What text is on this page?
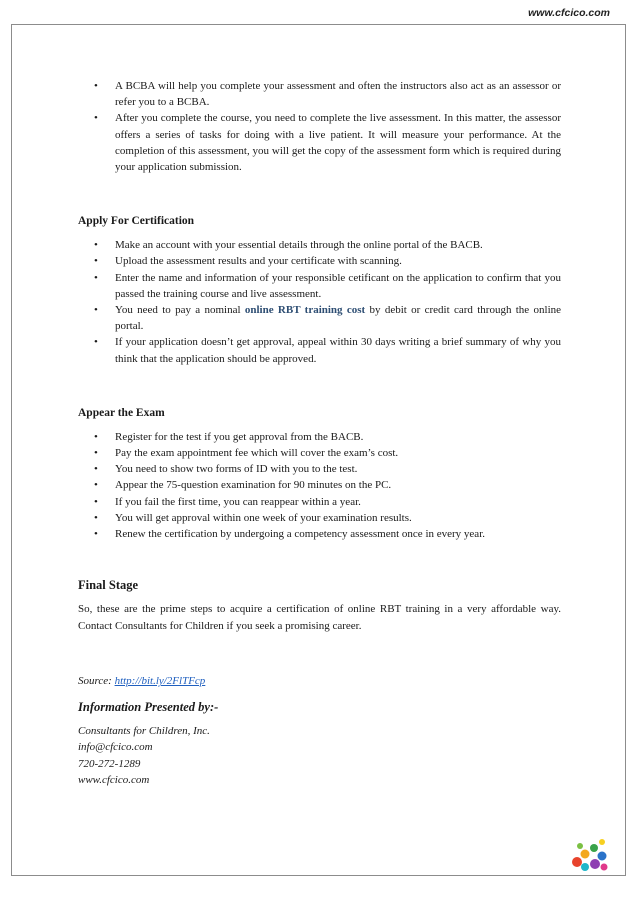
www.cfcico.com
• A BCBA will help you complete your assessment and often the instructors also act as an assessor or refer you to a BCBA.
• After you complete the course, you need to complete the live assessment. In this matter, the assessor offers a series of tasks for doing with a live patient. It will measure your performance. At the completion of this assessment, you will get the copy of the assessment form which is required during your application submission.
Apply For Certification
• Make an account with your essential details through the online portal of the BACB.
• Upload the assessment results and your certificate with scanning.
• Enter the name and information of your responsible cetificant on the application to confirm that you passed the training course and live assessment.
• You need to pay a nominal online RBT training cost by debit or credit card through the online portal.
• If your application doesn’t get approval, appeal within 30 days writing a brief summary of why you think that the application should be approved.
Appear the Exam
• Register for the test if you get approval from the BACB.
• Pay the exam appointment fee which will cover the exam’s cost.
• You need to show two forms of ID with you to the test.
• Appear the 75-question examination for 90 minutes on the PC.
• If you fail the first time, you can reappear within a year.
• You will get approval within one week of your examination results.
• Renew the certification by undergoing a competency assessment once in every year.
Final Stage

So, these are the prime steps to acquire a certification of online RBT training in a very affordable way. Contact Consultants for Children if you seek a promising career.

Source: http://bit.ly/2FlTFcp
Information Presented by:-
Consultants for Children, Inc.
info@cfcico.com
720-272-1289
www.cfcico.com
